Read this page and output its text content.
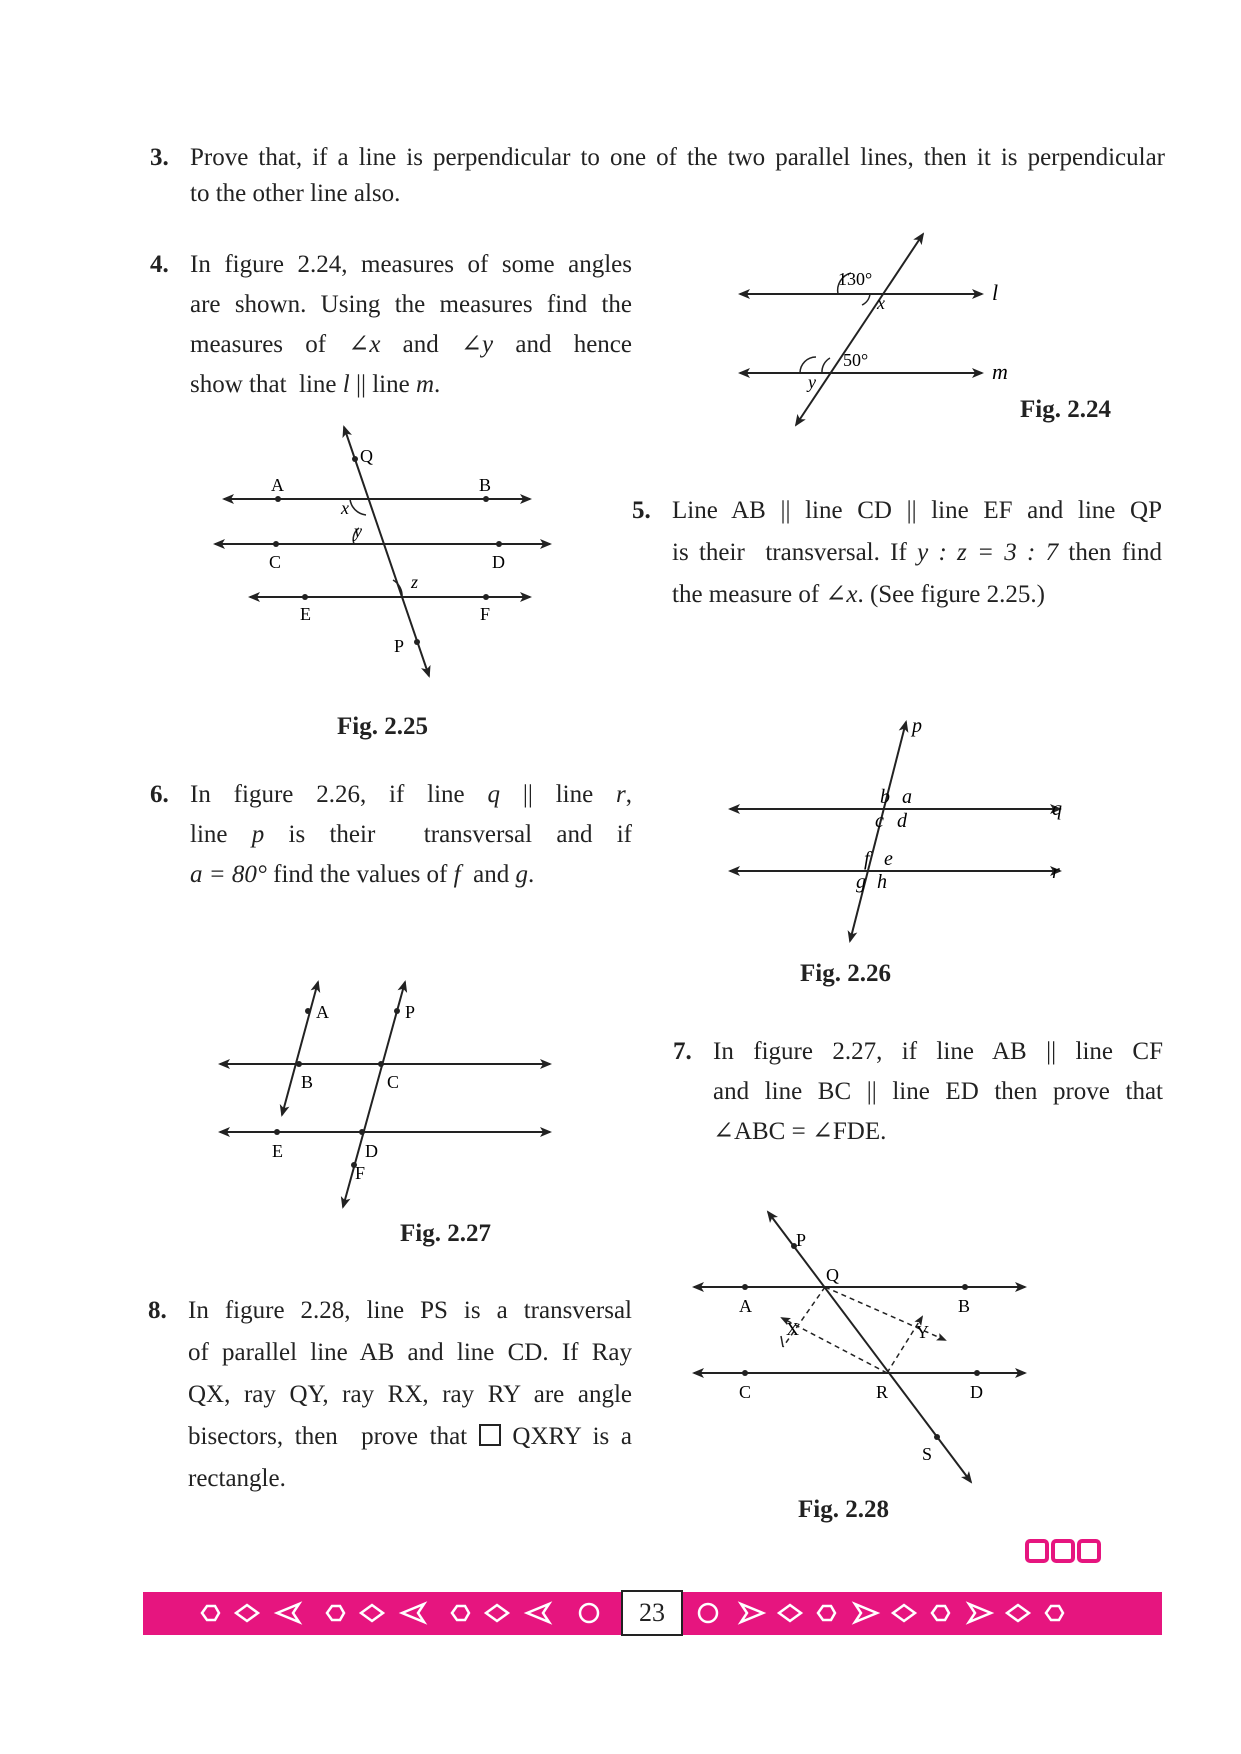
3. Prove that, if a line is perpendicular to one of the two parallel lines, then it is perpendicular
to the other line also.
4. In figure 2.24, measures of some angles
are shown. Using the measures find the
measures of ∠x and ∠y and hence
show that  line l || line m.
130°
x	l
50°
y	m
Fig. 2.24
Q
A	B
x
y
C	D
z
E	F
P
Fig. 2.25
5. Line AB || line CD || line EF and line QP
is their  transversal. If y : z = 3 : 7 then find
the measure of ∠x. (See figure 2.25.)
6. In  figure  2.26,  if  line  q  ||  line  r,
line  p  is  their    transversal  and  if
a = 80° find the values of f  and g.
p
b a
q
c d
f e
r
g h
Fig. 2.26
A	P
B	C
E	D
F
Fig. 2.27
7. In figure 2.27, if line AB || line CF
and line BC || line ED then prove that
∠ABC = ∠FDE.
8. In figure 2.28, line PS is a transversal
of parallel line AB and line CD. If Ray
QX, ray QY, ray RX, ray RY are angle
bisectors, then  prove that  QXRY is a
rectangle.
P
Q
A	B
X	Y
C	R	D
S
Fig. 2.28
23
